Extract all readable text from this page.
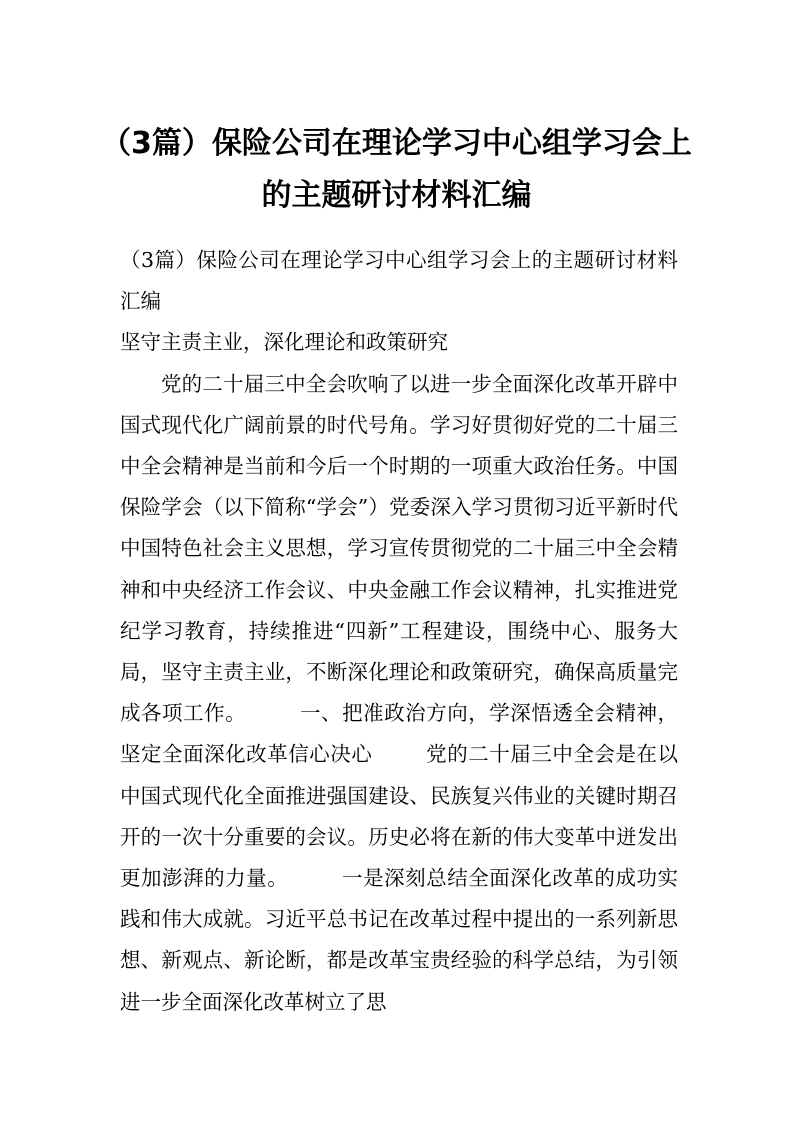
（3篇）保险公司在理论学习中心组学习会上的主题研讨材料汇编

（3篇）保险公司在理论学习中心组学习会上的主题研讨材料汇编

坚守主责主业，深化理论和政策研究

党的二十届三中全会吹响了以进一步全面深化改革开辟中国式现代化广阔前景的时代号角。学习好贯彻好党的二十届三中全会精神是当前和今后一个时期的一项重大政治任务。中国保险学会（以下简称“学会”）党委深入学习贯彻习近平新时代中国特色社会主义思想，学习宣传贯彻党的二十届三中全会精神和中央经济工作会议、中央金融工作会议精神，扎实推进党纪学习教育，持续推进“四新”工程建设，围绕中心、服务大局，坚守主责主业，不断深化理论和政策研究，确保高质量完成各项工作。	一、把准政治方向，学深悟透全会精神，坚定全面深化改革信心决心	党的二十届三中全会是在以中国式现代化全面推进强国建设、民族复兴伟业的关键时期召开的一次十分重要的会议。历史必将在新的伟大变革中迸发出更加澎湃的力量。	一是深刻总结全面深化改革的成功实践和伟大成就。习近平总书记在改革过程中提出的一系列新思想、新观点、新论断，都是改革宝贵经验的科学总结，为引领进一步全面深化改革树立了思
